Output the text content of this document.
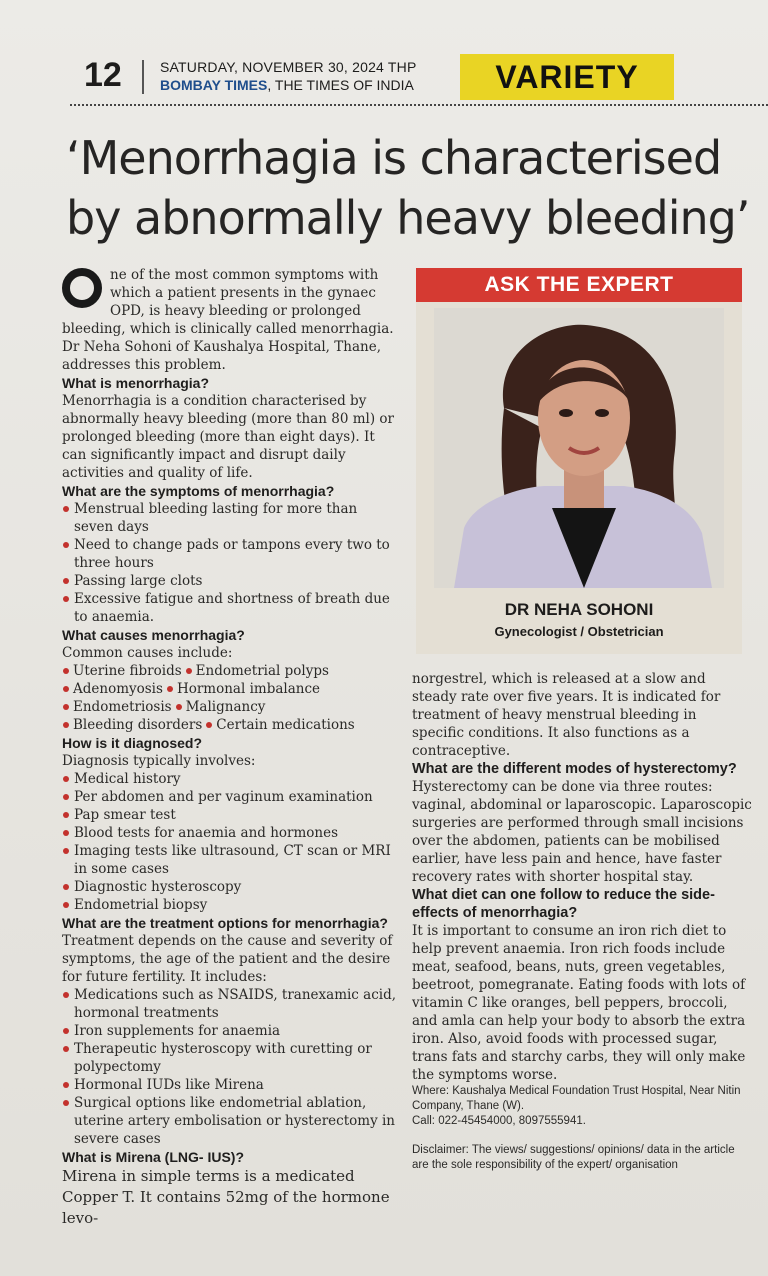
12	SATURDAY, NOVEMBER 30, 2024 THP
BOMBAY TIMES, THE TIMES OF INDIA	VARIETY
‘Menorrhagia is characterised
by abnormally heavy bleeding’
ne of the most common symptoms with which a patient presents in the gynaec OPD, is heavy bleeding or prolonged bleeding, which is clinically called menorrhagia. Dr Neha Sohoni of Kaushalya Hospital, Thane, addresses this problem.
What is menorrhagia?

Menorrhagia is a condition characterised by abnormally heavy bleeding (more than 80 ml) or prolonged bleeding (more than eight days). It can significantly impact and disrupt daily activities and quality of life.

What are the symptoms of menorrhagia?
Menstrual bleeding lasting for more than seven days
Need to change pads or tampons every two to three hours
Passing large clots
Excessive fatigue and shortness of breath due to anaemia.
What causes menorrhagia?
Common causes include:
Uterine fibroids Endometrial polyps
Adenomyosis Hormonal imbalance
Endometriosis Malignancy
Bleeding disorders Certain medications
How is it diagnosed?
Diagnosis typically involves:
Medical history
Per abdomen and per vaginum examination
Pap smear test
Blood tests for anaemia and hormones
Imaging tests like ultrasound, CT scan or MRI in some cases
Diagnostic hysteroscopy
Endometrial biopsy
What are the treatment options for menorrhagia?

Treatment depends on the cause and severity of symptoms, the age of the patient and the desire for future fertility. It includes:

Medications such as NSAIDS, tranexamic acid, hormonal treatments
Iron supplements for anaemia
Therapeutic hysteroscopy with curetting or polypectomy
Hormonal IUDs like Mirena
Surgical options like endometrial ablation, uterine artery embolisation or hysterectomy in severe cases
What is Mirena (LNG- IUS)?

Mirena in simple terms is a medicated Copper T. It contains 52mg of the hormone levo-

ASK THE EXPERT
DR NEHA SOHONI
Gynecologist / Obstetrician

norgestrel, which is released at a slow and steady rate over five years. It is indicated for treatment of heavy menstrual bleeding in specific conditions. It also functions as a contraceptive.

What are the different modes of hysterectomy?

Hysterectomy can be done via three routes: vaginal, abdominal or laparoscopic. Laparoscopic surgeries are performed through small incisions over the abdomen, patients can be mobilised earlier, have less pain and hence, have faster recovery rates with shorter hospital stay.

What diet can one follow to reduce the side-effects of menorrhagia?

It is important to consume an iron rich diet to help prevent anaemia. Iron rich foods include meat, seafood, beans, nuts, green vegetables, beetroot, pomegranate. Eating foods with lots of vitamin C like oranges, bell peppers, broccoli, and amla can help your body to absorb the extra iron. Also, avoid foods with processed sugar, trans fats and starchy carbs, they will only make the symptoms worse.

Where: Kaushalya Medical Foundation Trust Hospital, Near Nitin Company, Thane (W).
Call: 022-45454000, 8097555941.
Disclaimer: The views/ suggestions/ opinions/ data in the article are the sole responsibility of the expert/ organisation
